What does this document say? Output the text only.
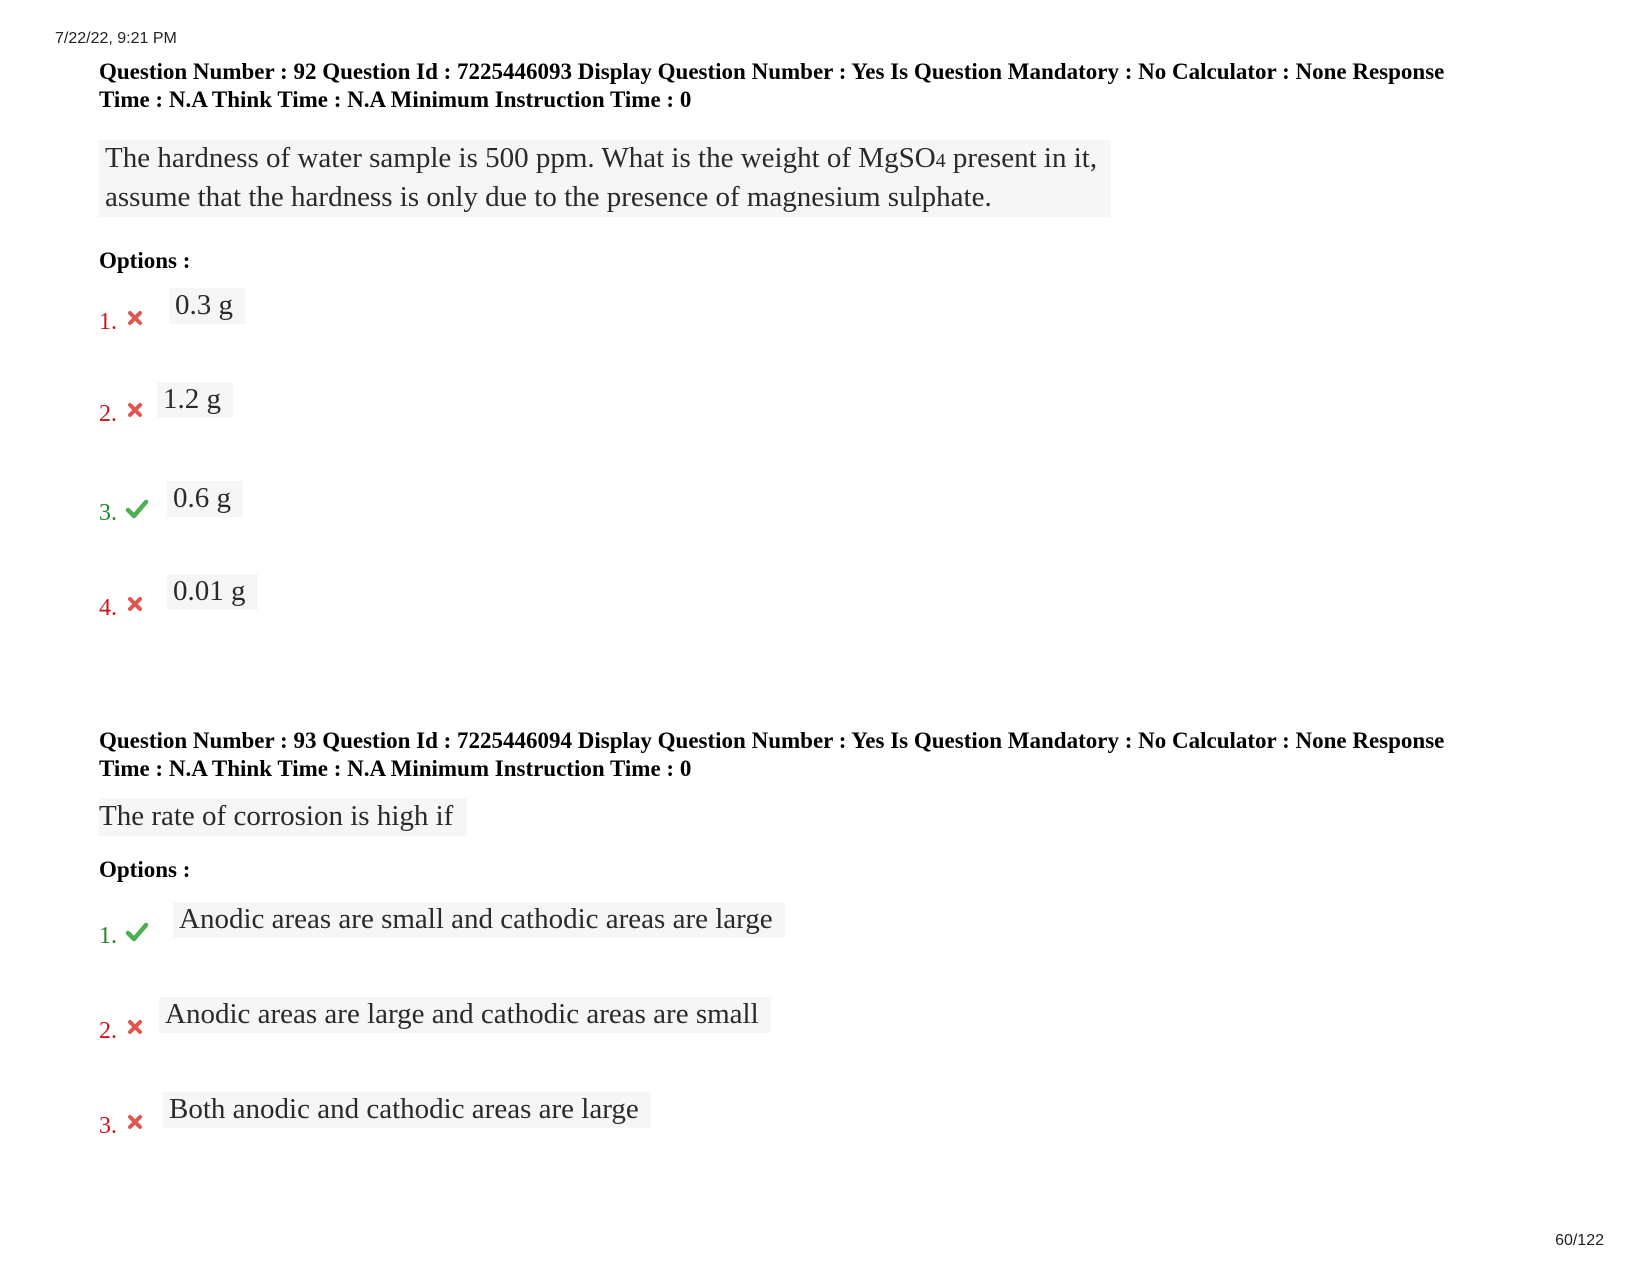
7/22/22, 9:21 PM
Question Number : 92 Question Id : 7225446093 Display Question Number : Yes Is Question Mandatory : No Calculator : None Response
Time : N.A Think Time : N.A Minimum Instruction Time : 0
The hardness of water sample is 500 ppm. What is the weight of MgSO4 present in it,
assume that the hardness is only due to the presence of magnesium sulphate.
Options :
1.
0.3 g
2. 1.2 g
3. 0.6 g
4.
0.01 g
Question Number : 93 Question Id : 7225446094 Display Question Number : Yes Is Question Mandatory : No Calculator : None Response
Time : N.A Think Time : N.A Minimum Instruction Time : 0
The rate of corrosion is high if
Options :
1.
Anodic areas are small and cathodic areas are large
2.
Anodic areas are large and cathodic areas are small
3.
Both anodic and cathodic areas are large
60/122
